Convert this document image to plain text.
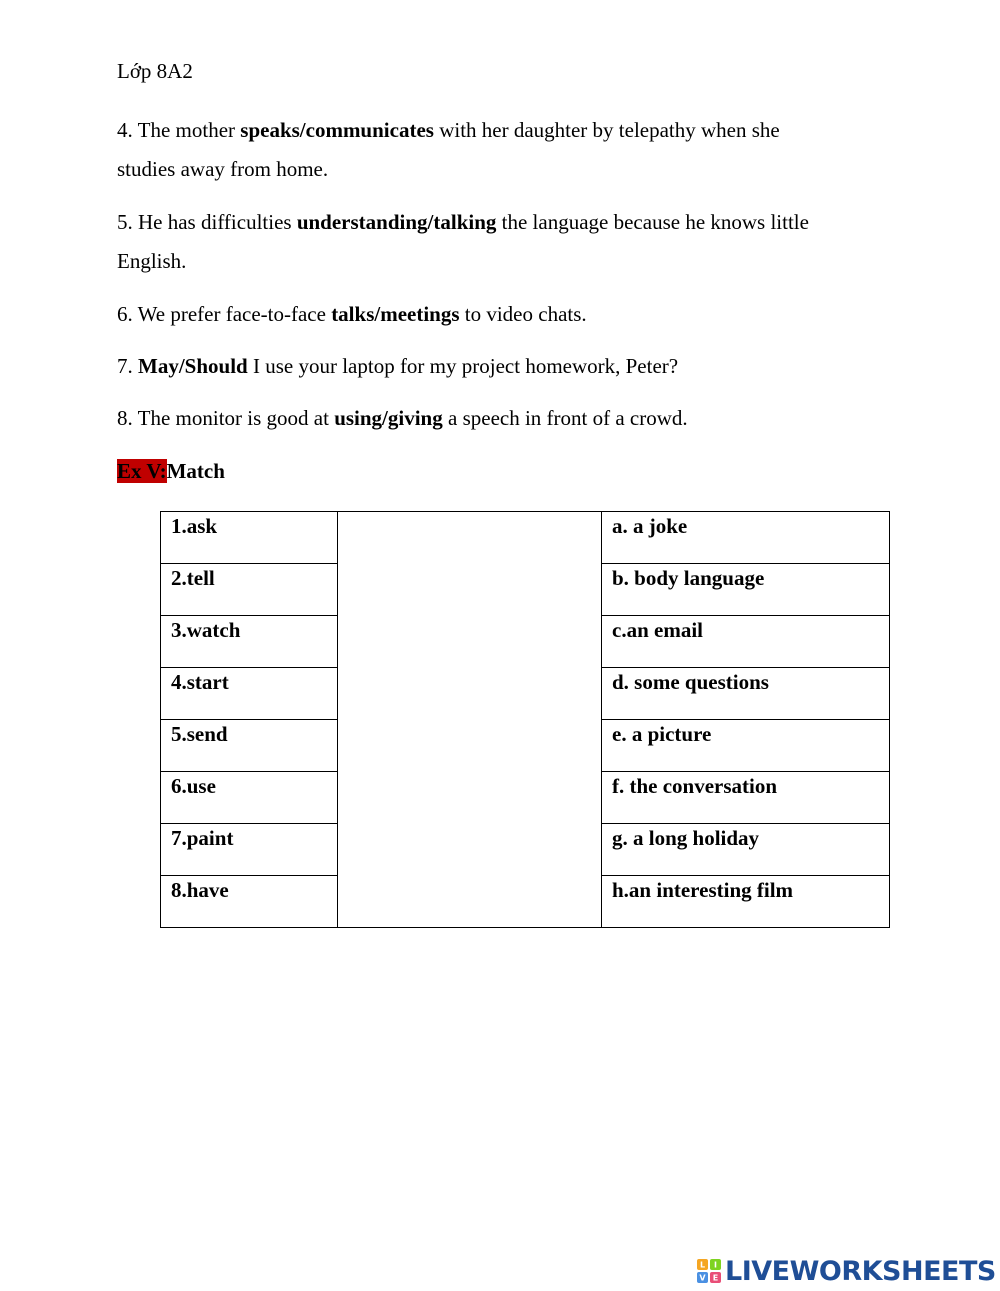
Lớp 8A2

4. The mother speaks/communicates with her daughter by telepathy when she

studies away from home.

5. He has difficulties understanding/talking the language because he knows little

English.

6. We prefer face-to-face talks/meetings to video chats.

7. May/Should I use your laptop for my project homework, Peter?

8. The monitor is good at using/giving a speech in front of a crowd.

Ex V:Match

1.ask		a. a joke

2.tell		b. body language

3.watch		c.an email

4.start		d. some questions

5.send		e. a picture

6.use		f. the conversation

7.paint		g. a long holiday

8.have		h.an interesting film
L I
V E LIVEWORKSHEETS
